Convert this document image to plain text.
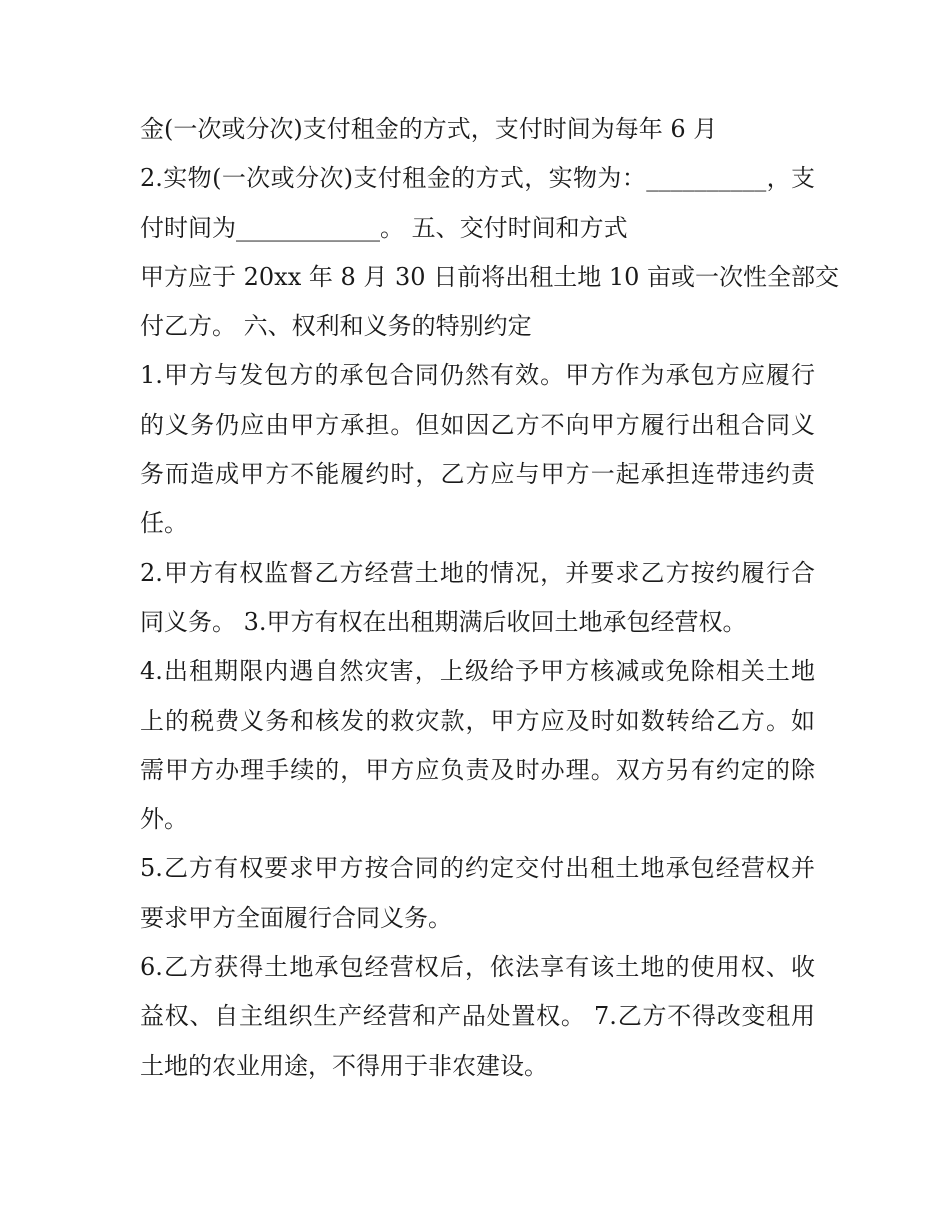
金(一次或分次)支付租金的方式，支付时间为每年 6 月
2.实物(一次或分次)支付租金的方式，实物为：__________，支
付时间为____________。 五、交付时间和方式
甲方应于 20xx 年 8 月 30 日前将出租土地 10 亩或一次性全部交
付乙方。 六、权利和义务的特别约定
1.甲方与发包方的承包合同仍然有效。甲方作为承包方应履行
的义务仍应由甲方承担。但如因乙方不向甲方履行出租合同义
务而造成甲方不能履约时，乙方应与甲方一起承担连带违约责
任。
2.甲方有权监督乙方经营土地的情况，并要求乙方按约履行合
同义务。 3.甲方有权在出租期满后收回土地承包经营权。
4.出租期限内遇自然灾害，上级给予甲方核减或免除相关土地
上的税费义务和核发的救灾款，甲方应及时如数转给乙方。如
需甲方办理手续的，甲方应负责及时办理。双方另有约定的除
外。
5.乙方有权要求甲方按合同的约定交付出租土地承包经营权并
要求甲方全面履行合同义务。
6.乙方获得土地承包经营权后，依法享有该土地的使用权、收
益权、自主组织生产经营和产品处置权。 7.乙方不得改变租用
土地的农业用途，不得用于非农建设。
